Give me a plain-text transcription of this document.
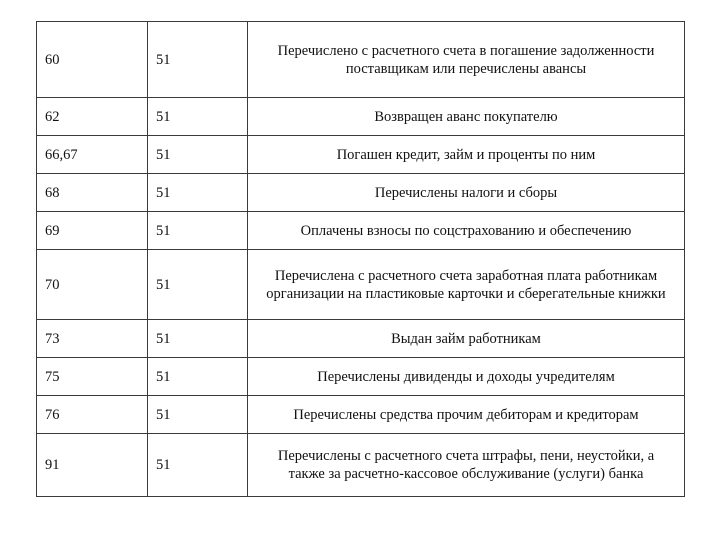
60	51	Перечислено с расчетного счета в погашение задолженности поставщикам или перечислены авансы
62	51	Возвращен аванс покупателю
66,67	51	Погашен кредит, займ и проценты по ним
68	51	Перечислены налоги и сборы
69	51	Оплачены взносы по соцстрахованию и обеспечению
70	51	Перечислена с расчетного счета заработная плата работникам организации на пластиковые карточки и сберегательные книжки
73	51	Выдан займ работникам
75	51	Перечислены дивиденды и доходы учредителям
76	51	Перечислены средства прочим дебиторам и кредиторам
91	51	Перечислены с расчетного счета штрафы, пени, неустойки, а также за расчетно-кассовое обслуживание (услуги) банка
